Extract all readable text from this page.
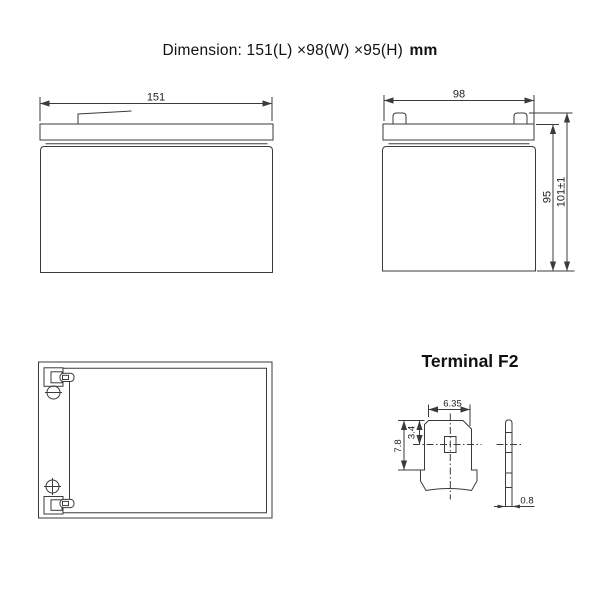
Dimension: 151(L) ×98(W) ×95(H) mm
Terminal F2
151	98
95 101±1
6.35
3.4
7.8
0.8
